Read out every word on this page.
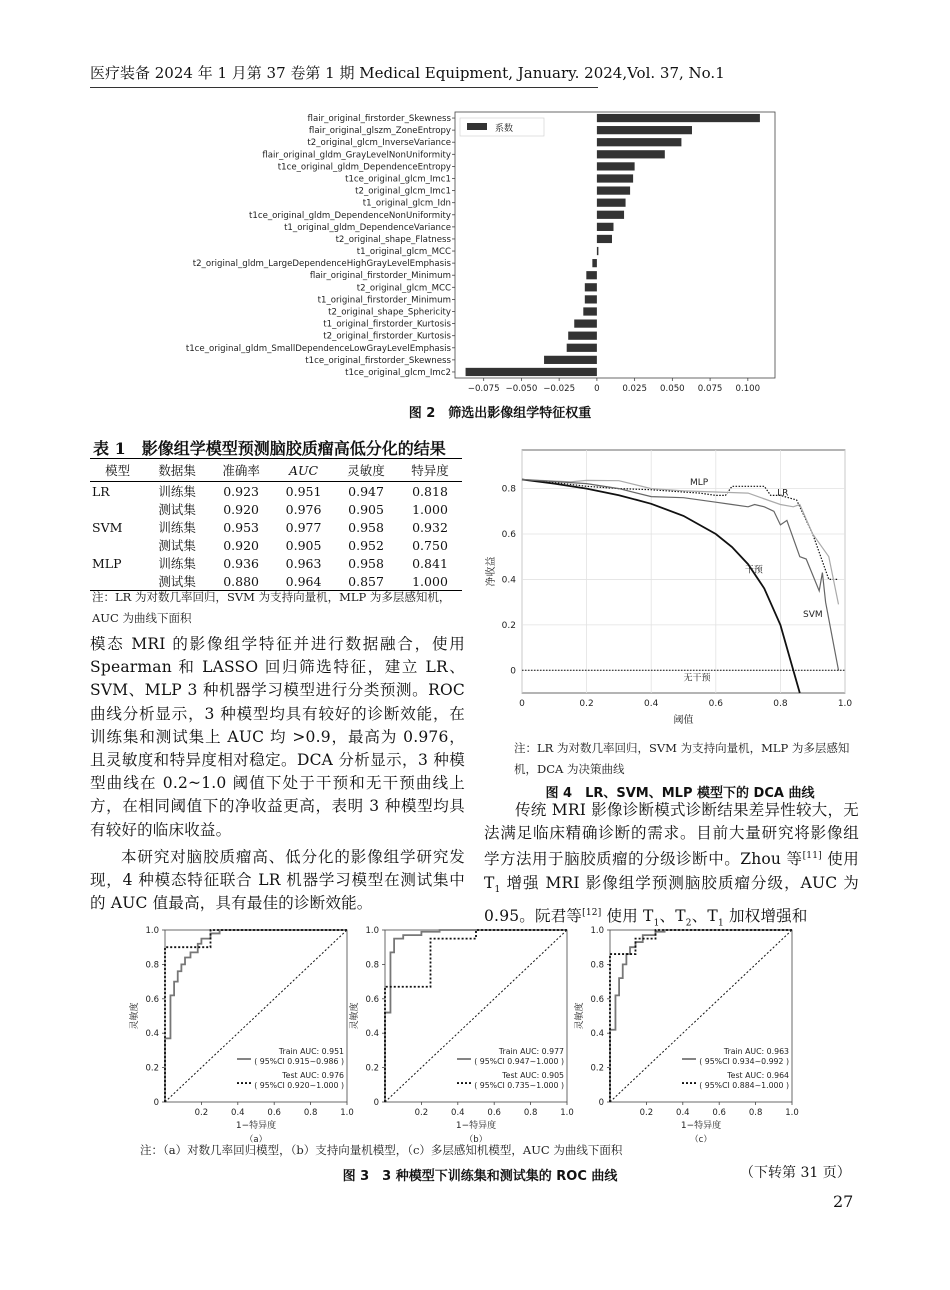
医疗装备 2024 年 1 月第 37 卷第 1 期 Medical Equipment, January. 2024,Vol. 37, No.1
flair_original_firstorder_Skewness
flair_original_glszm_ZoneEntropy
t2_original_glcm_InverseVariance
flair_original_gldm_GrayLevelNonUniformity
t1ce_original_gldm_DependenceEntropy
t1ce_original_glcm_Imc1
t2_original_glcm_Imc1
t1_original_glcm_Idn
t1ce_original_gldm_DependenceNonUniformity
t1_original_gldm_DependenceVariance
t2_original_shape_Flatness
t1_original_glcm_MCC
t2_original_gldm_LargeDependenceHighGrayLevelEmphasis
flair_original_firstorder_Minimum
t2_original_glcm_MCC
t1_original_firstorder_Minimum
t2_original_shape_Sphericity
t1_original_firstorder_Kurtosis
t2_original_firstorder_Kurtosis
t1ce_original_gldm_SmallDependenceLowGrayLevelEmphasis
t1ce_original_firstorder_Skewness
t1ce_original_glcm_Imc2
−0.075 −0.050 −0.025 0	0.025 0.050 0.075 0.100
系数
图 2　筛选出影像组学特征权重
表 1　影像组学模型预测脑胶质瘤高低分化的结果
模型	数据集	准确率	AUC	灵敏度	特异度
LR	训练集	0.923	0.951	0.947	0.818
	测试集	0.920	0.976	0.905	1.000
SVM	训练集	0.953	0.977	0.958	0.932
	测试集	0.920	0.905	0.952	0.750
MLP	训练集	0.936	0.963	0.958	0.841
	测试集	0.880	0.964	0.857	1.000
注：LR 为对数几率回归，SVM 为支持向量机，MLP 为多层感知机，AUC 为曲线下面积
模态 MRI 的影像组学特征并进行数据融合，使用 Spearman 和 LASSO 回归筛选特征，建立 LR、SVM、MLP 3 种机器学习模型进行分类预测。ROC 曲线分析显示，3 种模型均具有较好的诊断效能，在训练集和测试集上 AUC 均 >0.9，最高为 0.976，且灵敏度和特异度相对稳定。DCA 分析显示，3 种模型曲线在 0.2~1.0 阈值下处于干预和无干预曲线上方，在相同阈值下的净收益更高，表明 3 种模型均具有较好的临床收益。
本研究对脑胶质瘤高、低分化的影像组学研究发现，4 种模态特征联合 LR 机器学习模型在测试集中的 AUC 值最高，具有最佳的诊断效能。
0	0.2	0.4	0.6	0.8	1.0
0
0.2
0.4
0.6
0.8
阈值
净收益
MLP
LR
干预
SVM
无干预
注：LR 为对数几率回归，SVM 为支持向量机，MLP 为多层感知机，DCA 为决策曲线
图 4　LR、SVM、MLP 模型下的 DCA 曲线
传统 MRI 影像诊断模式诊断结果差异性较大，无法满足临床精确诊断的需求。目前大量研究将影像组学方法用于脑胶质瘤的分级诊断中。Zhou 等[11] 使用 $T_1$ 增强 MRI 影像组学预测脑胶质瘤分级，AUC 为 0.95。阮君等[12] 使用 $T_1$、$T_2$、$T_1$ 加权增强和
0.2	0.4	0.6	0.8	1.0
0
0.2
0.4
0.6
0.8
1.0
Train AUC: 0.951
( 95%CI 0.915~0.986 )
Test AUC: 0.976
( 95%CI 0.920~1.000 )
1−特异度
（a）
灵敏度
0.2	0.4	0.6	0.8	1.0
0
0.2
0.4
0.6
0.8
1.0
Train AUC: 0.977
( 95%CI 0.947~1.000 )
Test AUC: 0.905
( 95%CI 0.735~1.000 )
1−特异度
（b）
灵敏度
0.2	0.4	0.6	0.8	1.0
0
0.2
0.4
0.6
0.8
1.0
Train AUC: 0.963
( 95%CI 0.934~0.992 )
Test AUC: 0.964
( 95%CI 0.884~1.000 )
1−特异度
（c）
灵敏度
注：（a）对数几率回归模型，（b）支持向量机模型，（c）多层感知机模型，AUC 为曲线下面积
图 3　3 种模型下训练集和测试集的 ROC 曲线	（下转第 31 页）
27
